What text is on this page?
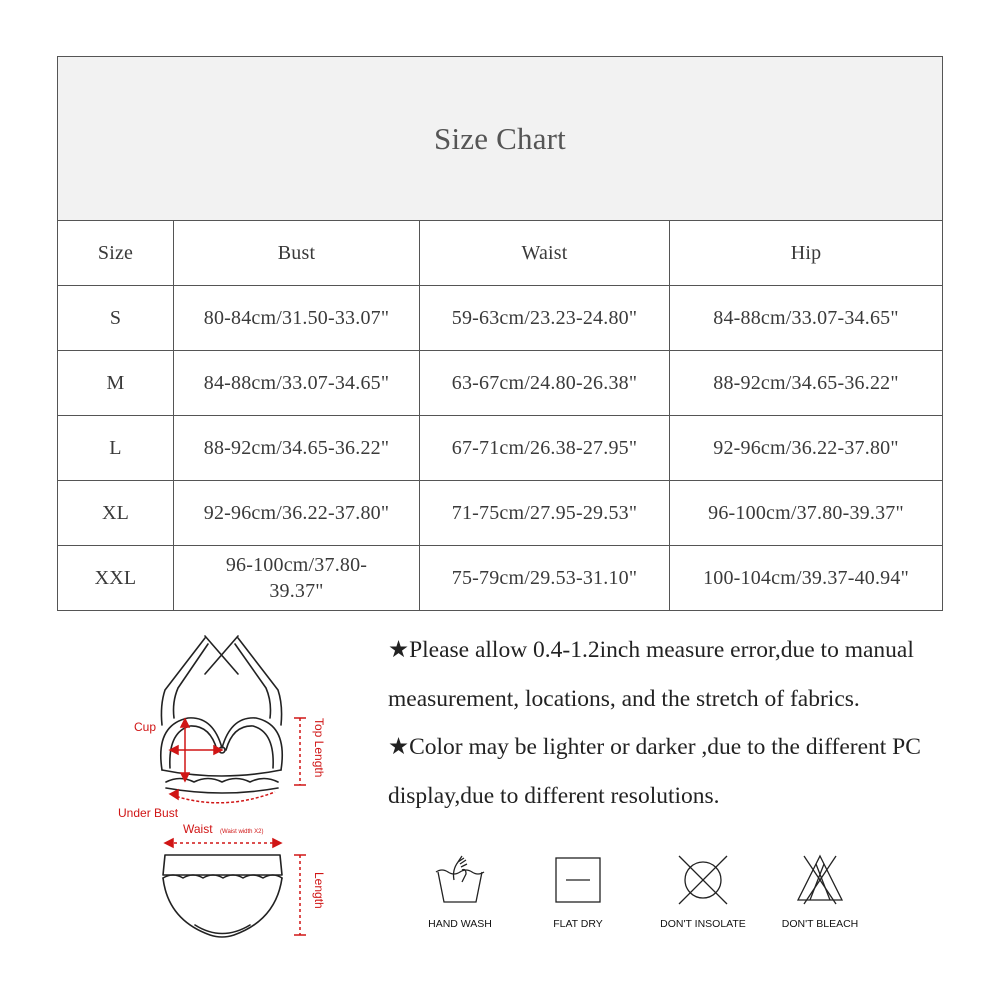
Size Chart			
Size	Bust	Waist	Hip
S	80-84cm/31.50-33.07"	59-63cm/23.23-24.80"	84-88cm/33.07-34.65"
M	84-88cm/33.07-34.65"	63-67cm/24.80-26.38"	88-92cm/34.65-36.22"
L	88-92cm/34.65-36.22"	67-71cm/26.38-27.95"	92-96cm/36.22-37.80"
XL	92-96cm/36.22-37.80"	71-75cm/27.95-29.53"	96-100cm/37.80-39.37"
XXL	96-100cm/37.80-39.37"	75-79cm/29.53-31.10"	100-104cm/39.37-40.94"
Cup	Top Length
Under Bust
Waist (Waist width X2)
Length

★Please allow 0.4-1.2inch measure error,due to manual measurement, locations, and the stretch of fabrics.

★Color may be lighter or darker ,due to the different PC display,due to different resolutions.

HAND WASH	FLAT DRY	DON'T INSOLATE	DON'T BLEACH
